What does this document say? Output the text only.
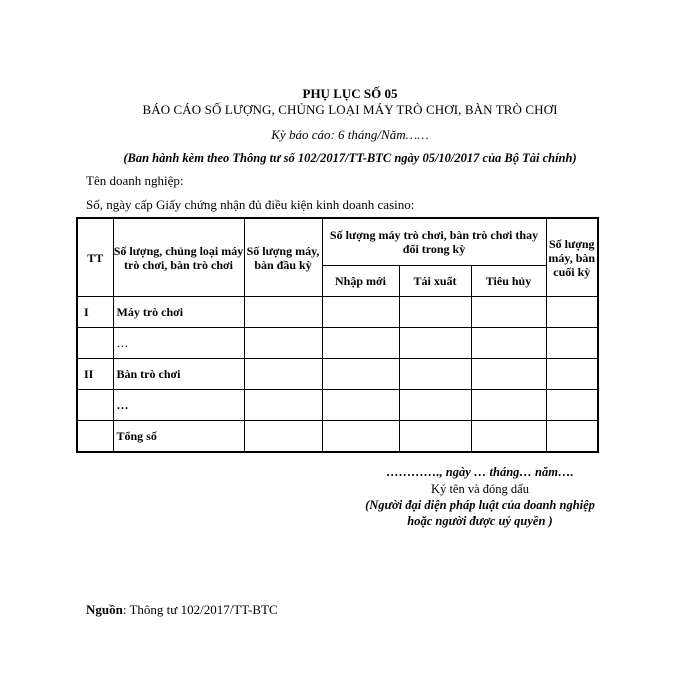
PHỤ LỤC SỐ 05
BÁO CÁO SỐ LƯỢNG, CHỦNG LOẠI MÁY TRÒ CHƠI, BÀN TRÒ CHƠI
Kỳ báo cáo: 6 tháng/Năm……
(Ban hành kèm theo Thông tư số 102/2017/TT-BTC ngày 05/10/2017 của Bộ Tài chính)
Tên doanh nghiệp:
Số, ngày cấp Giấy chứng nhận đủ điều kiện kinh doanh casino:
TT	Số lượng, chủng loại máy trò chơi, bàn trò chơi	Số lượng máy, bàn đầu kỳ	Số lượng máy trò chơi, bàn trò chơi thay đổi trong kỳ			Số lượng máy, bàn cuối kỳ
			Nhập mới	Tái xuất	Tiêu hủy	
I	Máy trò chơi					
	…					
II	Bàn trò chơi					
	…					
	Tổng số					
…………., ngày … tháng… năm….
Ký tên và đóng dấu
(Người đại diện pháp luật của doanh nghiệp
hoặc người được uỷ quyền )
Nguồn: Thông tư 102/2017/TT-BTC
